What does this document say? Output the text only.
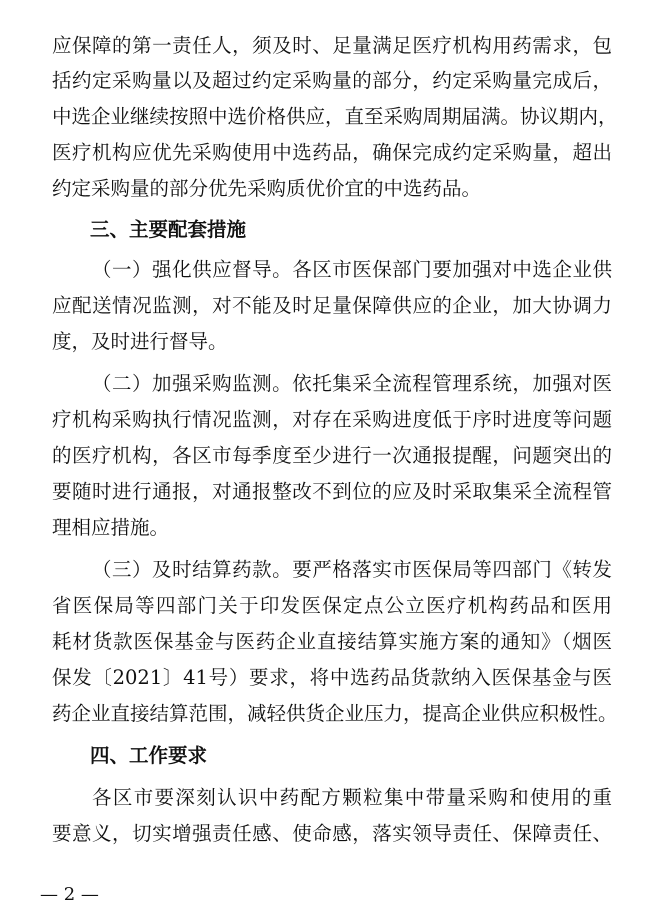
应保障的第一责任人，须及时、足量满足医疗机构用药需求，包
括约定采购量以及超过约定采购量的部分，约定采购量完成后，
中选企业继续按照中选价格供应，直至采购周期届满。协议期内，
医疗机构应优先采购使用中选药品，确保完成约定采购量，超出
约定采购量的部分优先采购质优价宜的中选药品。
三、主要配套措施
（一）强化供应督导。各区市医保部门要加强对中选企业供
应配送情况监测，对不能及时足量保障供应的企业，加大协调力
度，及时进行督导。
（二）加强采购监测。依托集采全流程管理系统，加强对医
疗机构采购执行情况监测，对存在采购进度低于序时进度等问题
的医疗机构，各区市每季度至少进行一次通报提醒，问题突出的
要随时进行通报，对通报整改不到位的应及时采取集采全流程管
理相应措施。
（三）及时结算药款。要严格落实市医保局等四部门《转发
省医保局等四部门关于印发医保定点公立医疗机构药品和医用
耗材货款医保基金与医药企业直接结算实施方案的通知》（烟医
保发〔2021〕41号）要求，将中选药品货款纳入医保基金与医
药企业直接结算范围，减轻供货企业压力，提高企业供应积极性。
四、工作要求
各区市要深刻认识中药配方颗粒集中带量采购和使用的重
要意义，切实增强责任感、使命感，落实领导责任、保障责任、
— 2 —
